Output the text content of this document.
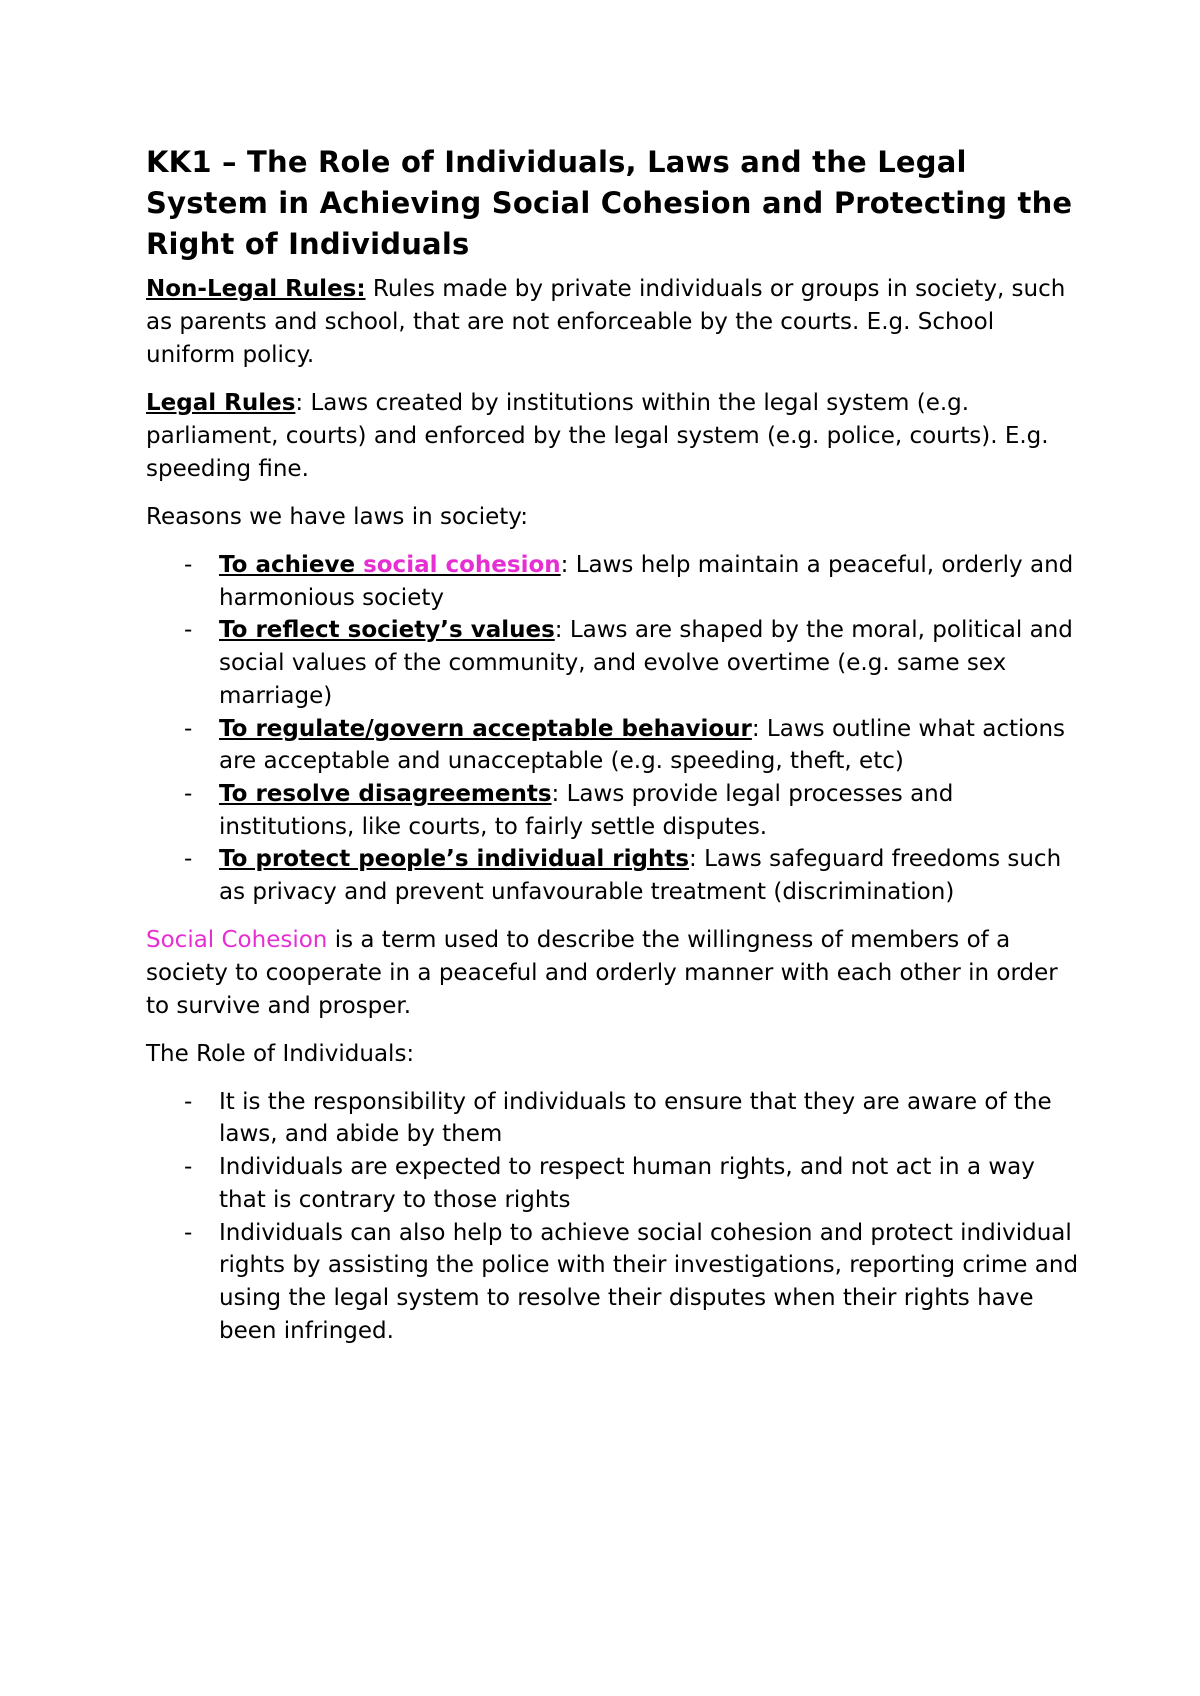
KK1 – The Role of Individuals, Laws and the Legal System in Achieving Social Cohesion and Protecting the Right of Individuals

Non-Legal Rules: Rules made by private individuals or groups in society, such as parents and school, that are not enforceable by the courts. E.g. School uniform policy.

Legal Rules: Laws created by institutions within the legal system (e.g. parliament, courts) and enforced by the legal system (e.g. police, courts). E.g. speeding fine.

Reasons we have laws in society:

- To achieve social cohesion: Laws help maintain a peaceful, orderly and harmonious society
- To reflect society’s values: Laws are shaped by the moral, political and social values of the community, and evolve overtime (e.g. same sex marriage)
- To regulate/govern acceptable behaviour: Laws outline what actions are acceptable and unacceptable (e.g. speeding, theft, etc)
- To resolve disagreements: Laws provide legal processes and institutions, like courts, to fairly settle disputes.
- To protect people’s individual rights: Laws safeguard freedoms such as privacy and prevent unfavourable treatment (discrimination)

Social Cohesion is a term used to describe the willingness of members of a society to cooperate in a peaceful and orderly manner with each other in order to survive and prosper.

The Role of Individuals:

- It is the responsibility of individuals to ensure that they are aware of the laws, and abide by them
- Individuals are expected to respect human rights, and not act in a way that is contrary to those rights
- Individuals can also help to achieve social cohesion and protect individual rights by assisting the police with their investigations, reporting crime and using the legal system to resolve their disputes when their rights have been infringed.
